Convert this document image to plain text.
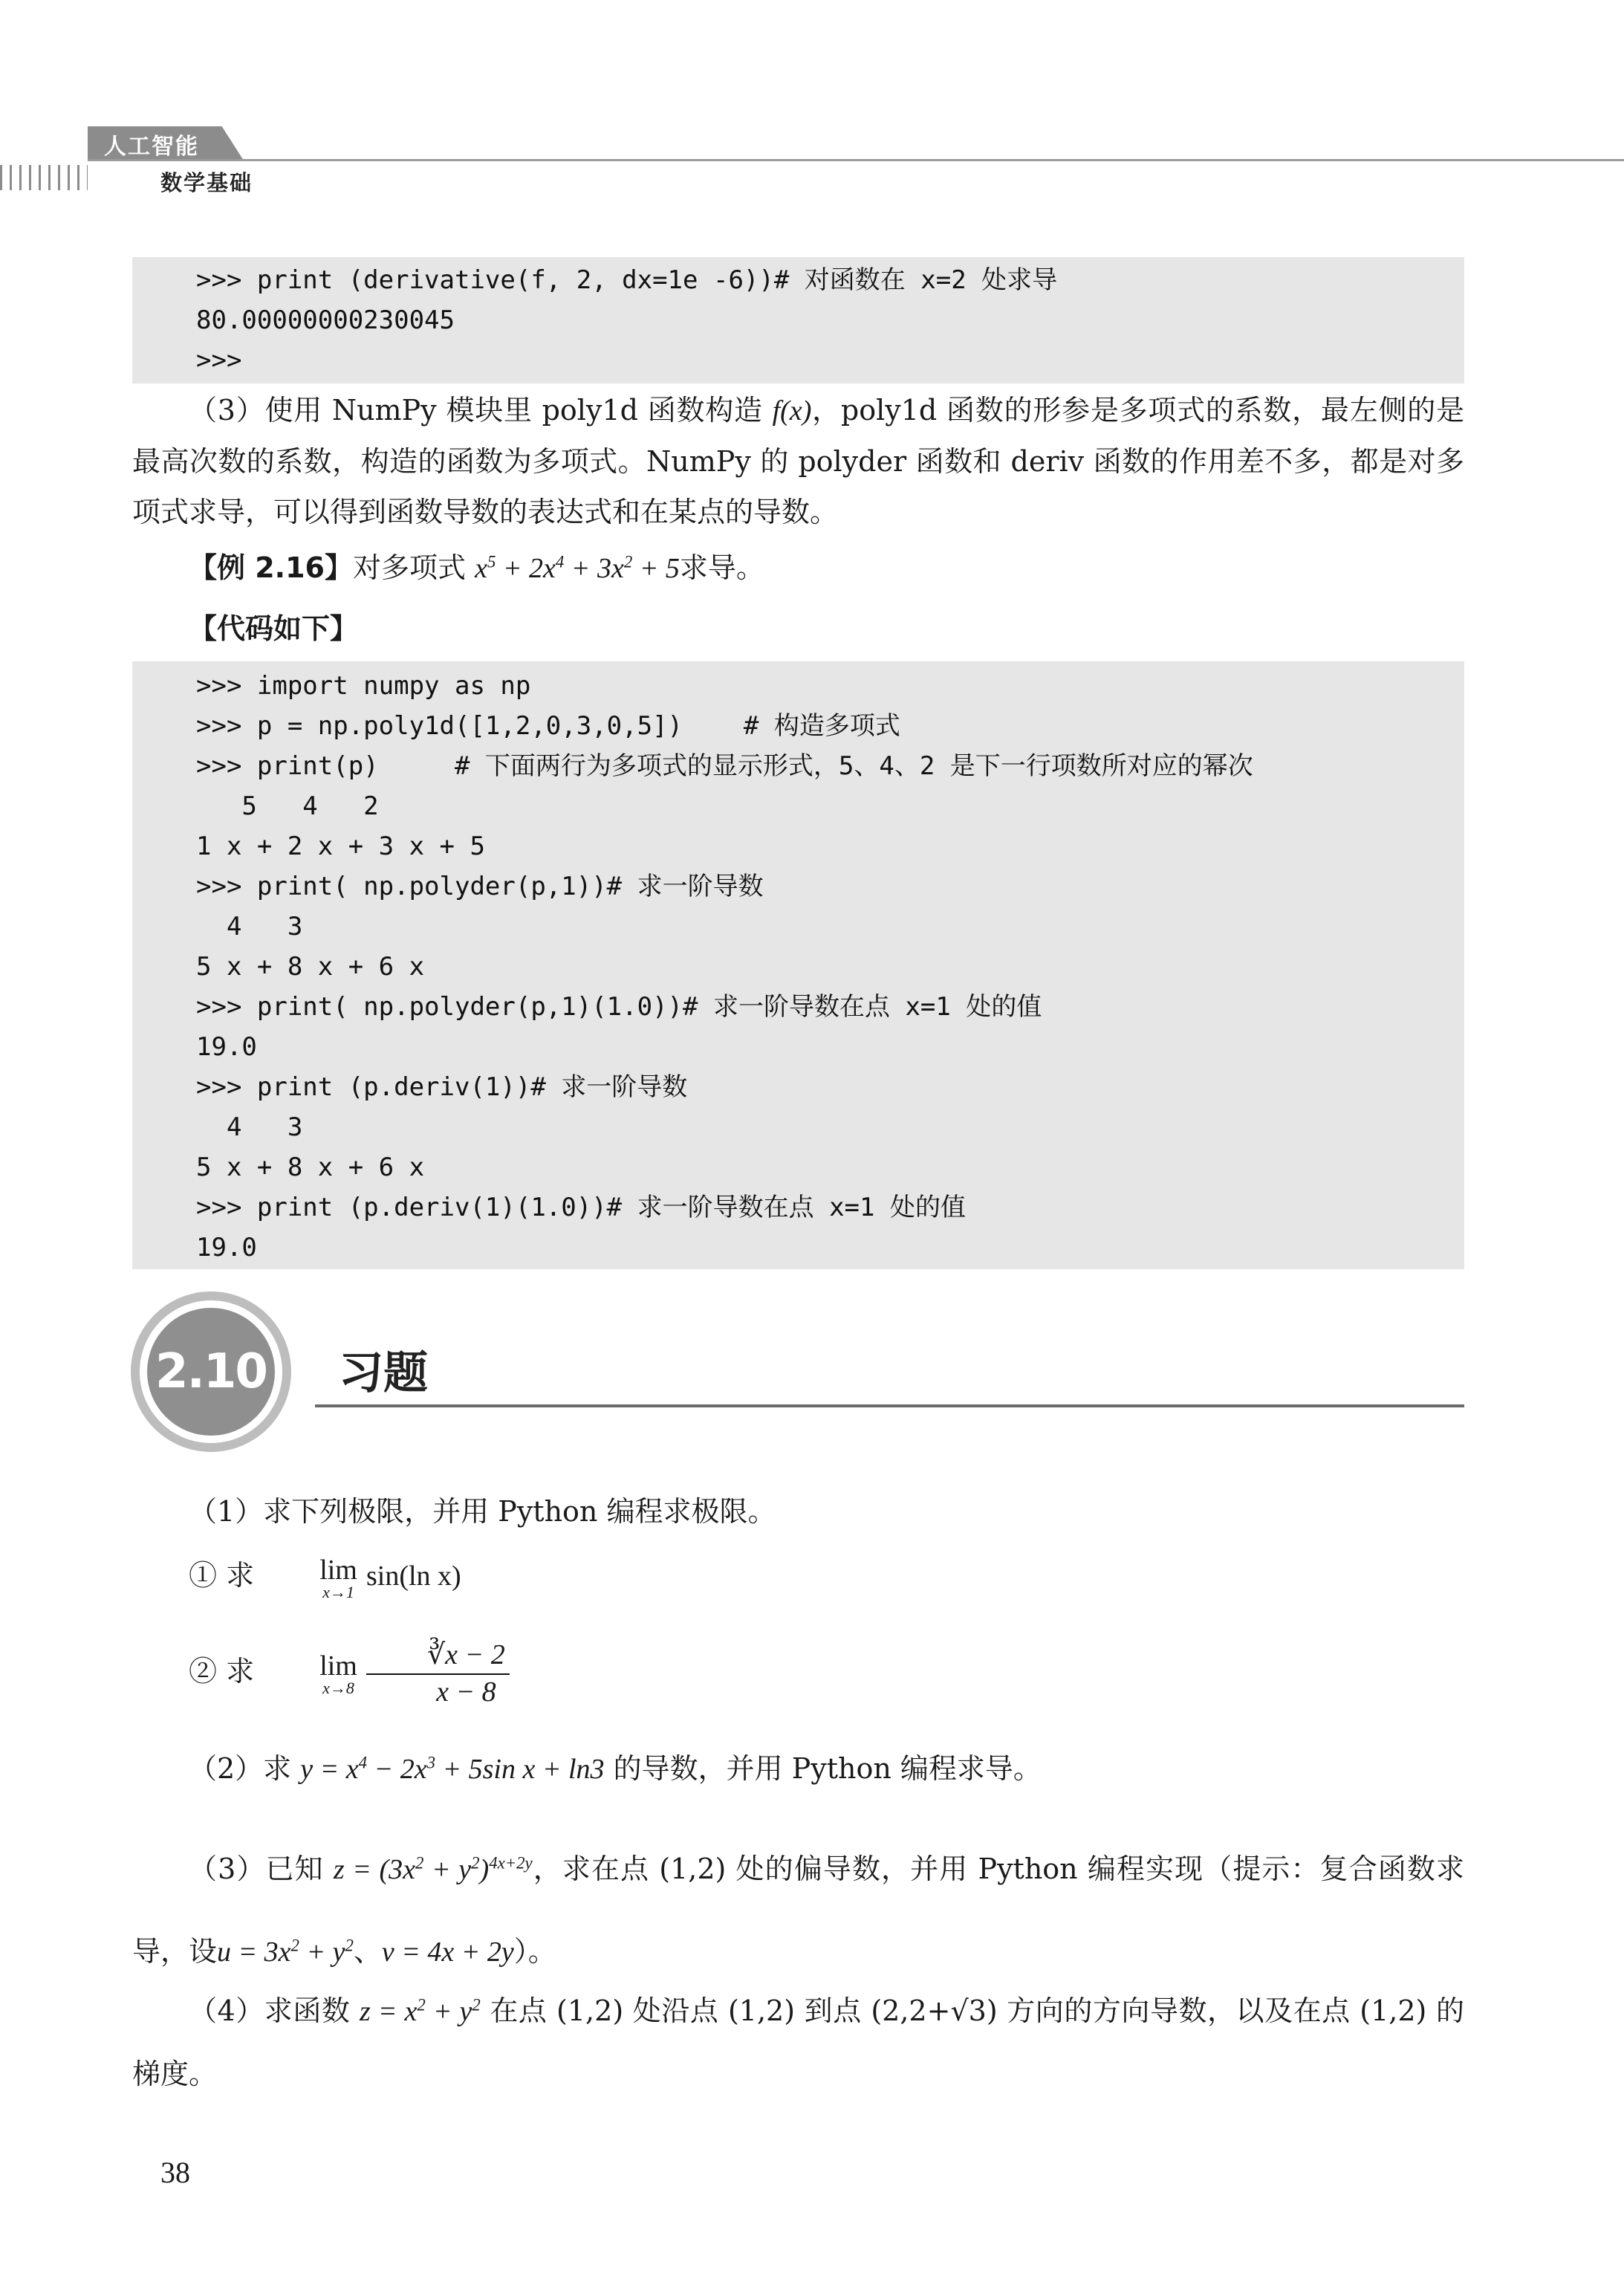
人工智能
数学基础
>>> print (derivative(f, 2, dx=1e -6))# 对函数在 x=2 处求导
80.00000000230045
>>>
（3）使用 NumPy 模块里 poly1d 函数构造 f(x)，poly1d 函数的形参是多项式的系数，最左侧的是最高次数的系数，构造的函数为多项式。NumPy 的 polyder 函数和 deriv 函数的作用差不多，都是对多项式求导，可以得到函数导数的表达式和在某点的导数。
【例 2.16】对多项式 $x^5 + 2x^4 + 3x^2 + 5$求导。
【代码如下】
>>> import numpy as np
>>> p = np.poly1d([1,2,0,3,0,5])    # 构造多项式
>>> print(p)     # 下面两行为多项式的显示形式，5、4、2 是下一行项数所对应的幂次
5   4   2
1 x + 2 x + 3 x + 5
>>> print( np.polyder(p,1))# 求一阶导数
4   3
5 x + 8 x + 6 x
>>> print( np.polyder(p,1)(1.0))# 求一阶导数在点 x=1 处的值
19.0
>>> print (p.deriv(1))# 求一阶导数
4   3
5 x + 8 x + 6 x
>>> print (p.deriv(1)(1.0))# 求一阶导数在点 x=1 处的值
19.0
2.10 习题
（1）求下列极限，并用 Python 编程求极限。
① 求	lim
x→1 sin(ln x)
② 求	lim
x→8
$\frac{∛x - 2}{x - 8}$
（2）求 $y = x^4 - 2x^3 + 5\sin$ x + ln3 的导数，并用 Python 编程求导。
（3）已知 $z = (3x^2 + y^2)^{4x+2y}$，求在点 (1,2) 处的偏导数，并用 Python 编程实现（提示：复合函数求导，设$u = 3x^2 + y^2$、v = 4x + 2y）。
（4）求函数 $z = x^2 + y^2$ 在点 (1,2) 处沿点 (1,2) 到点 (2,2+√3) 方向的方向导数，以及在点 (1,2) 的梯度。
38
